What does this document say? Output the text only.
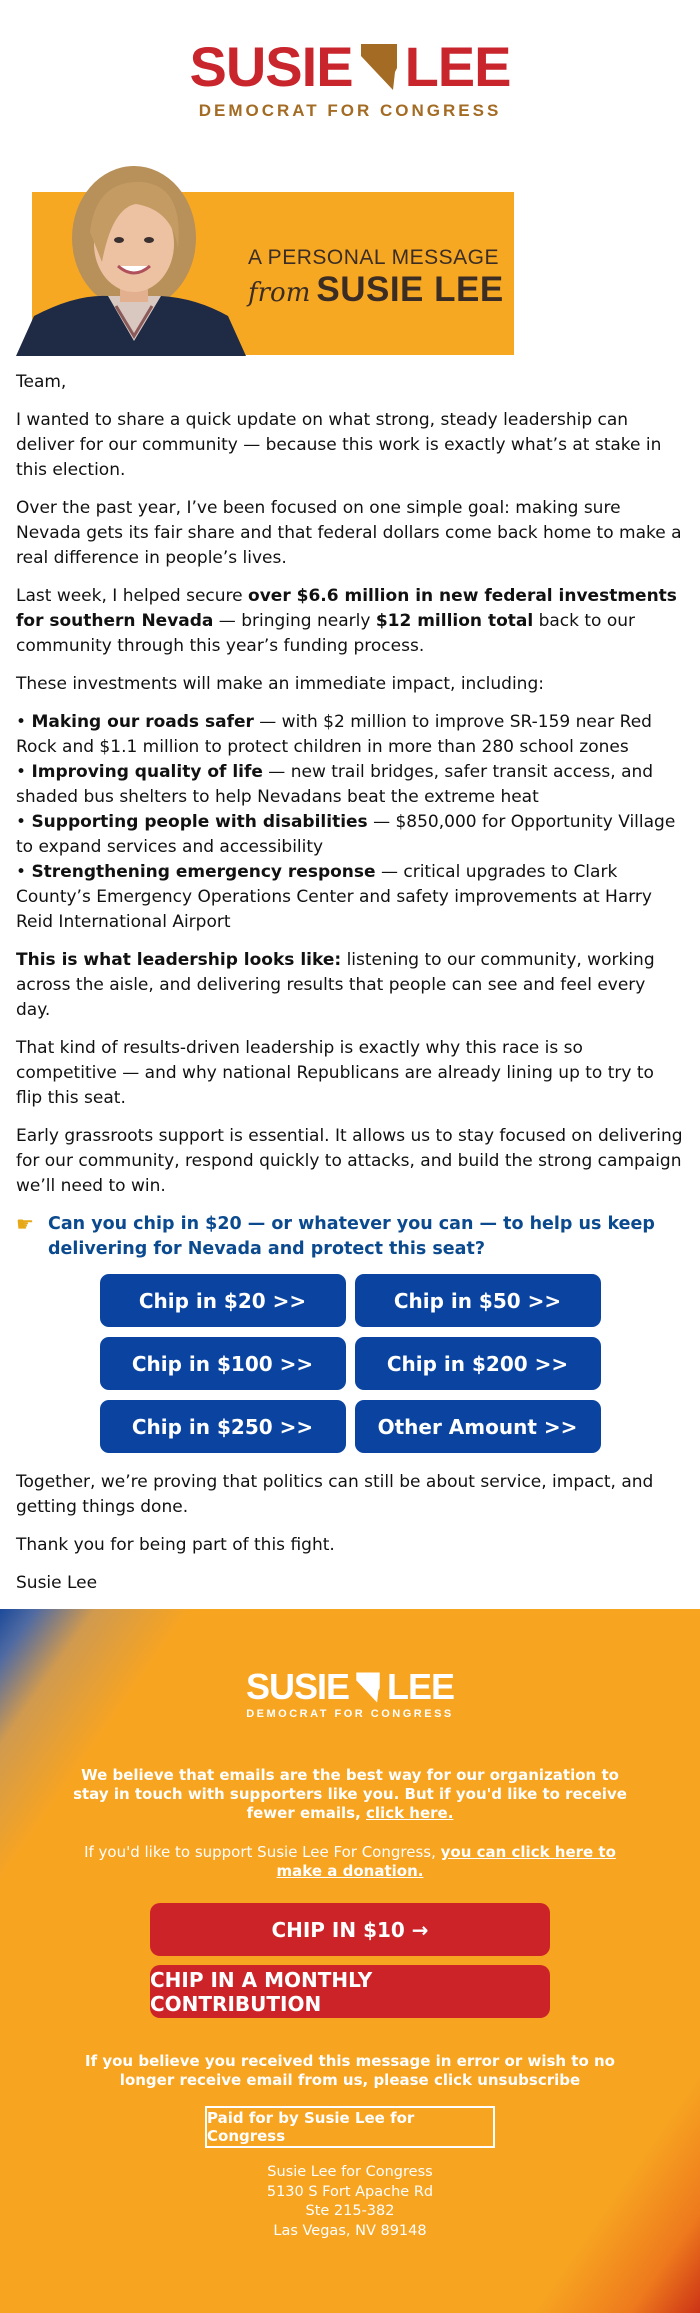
SUSIE LEE
DEMOCRAT FOR CONGRESS
A PERSONAL MESSAGE
from SUSIE LEE

Team,

I wanted to share a quick update on what strong, steady leadership can deliver for our community — because this work is exactly what’s at stake in this election.

Over the past year, I’ve been focused on one simple goal: making sure Nevada gets its fair share and that federal dollars come back home to make a real difference in people’s lives.

Last week, I helped secure over $6.6 million in new federal investments for southern Nevada — bringing nearly $12 million total back to our community through this year’s funding process.

These investments will make an immediate impact, including:

• Making our roads safer — with $2 million to improve SR-159 near Red Rock and $1.1 million to protect children in more than 280 school zones

• Improving quality of life — new trail bridges, safer transit access, and shaded bus shelters to help Nevadans beat the extreme heat

• Supporting people with disabilities — $850,000 for Opportunity Village to expand services and accessibility

• Strengthening emergency response — critical upgrades to Clark County’s Emergency Operations Center and safety improvements at Harry Reid International Airport

This is what leadership looks like: listening to our community, working across the aisle, and delivering results that people can see and feel every day.

That kind of results-driven leadership is exactly why this race is so competitive — and why national Republicans are already lining up to try to flip this seat.

Early grassroots support is essential. It allows us to stay focused on delivering for our community, respond quickly to attacks, and build the strong campaign we’ll need to win.

☛ Can you chip in $20 — or whatever you can — to help us keep delivering for Nevada and protect this seat?
Chip in $20 >>	Chip in $50 >>
Chip in $100 >>	Chip in $200 >>
Chip in $250 >>	Other Amount >>

Together, we’re proving that politics can still be about service, impact, and getting things done.

Thank you for being part of this fight.

Susie Lee

SUSIE LEE
DEMOCRAT FOR CONGRESS
We believe that emails are the best way for our organization to stay in touch with supporters like you. But if you'd like to receive fewer emails, click here.
If you'd like to support Susie Lee For Congress, you can click here to make a donation.
CHIP IN $10 →
CHIP IN A MONTHLY CONTRIBUTION
If you believe you received this message in error or wish to no longer receive email from us, please click unsubscribe
Paid for by Susie Lee for Congress
Susie Lee for Congress
5130 S Fort Apache Rd
Ste 215-382
Las Vegas, NV 89148
